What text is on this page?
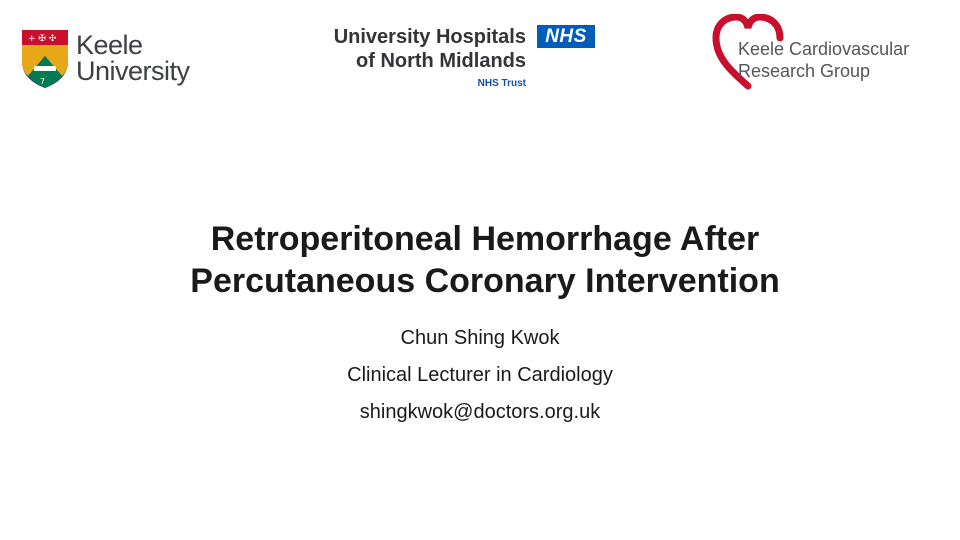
+ ✠ ✣
7
Keele
University
University Hospitals	NHS
of North Midlands
NHS Trust
Keele Cardiovascular
Research Group
Retroperitoneal Hemorrhage After
Percutaneous Coronary Intervention
Chun Shing Kwok
Clinical Lecturer in Cardiology
shingkwok@doctors.org.uk
